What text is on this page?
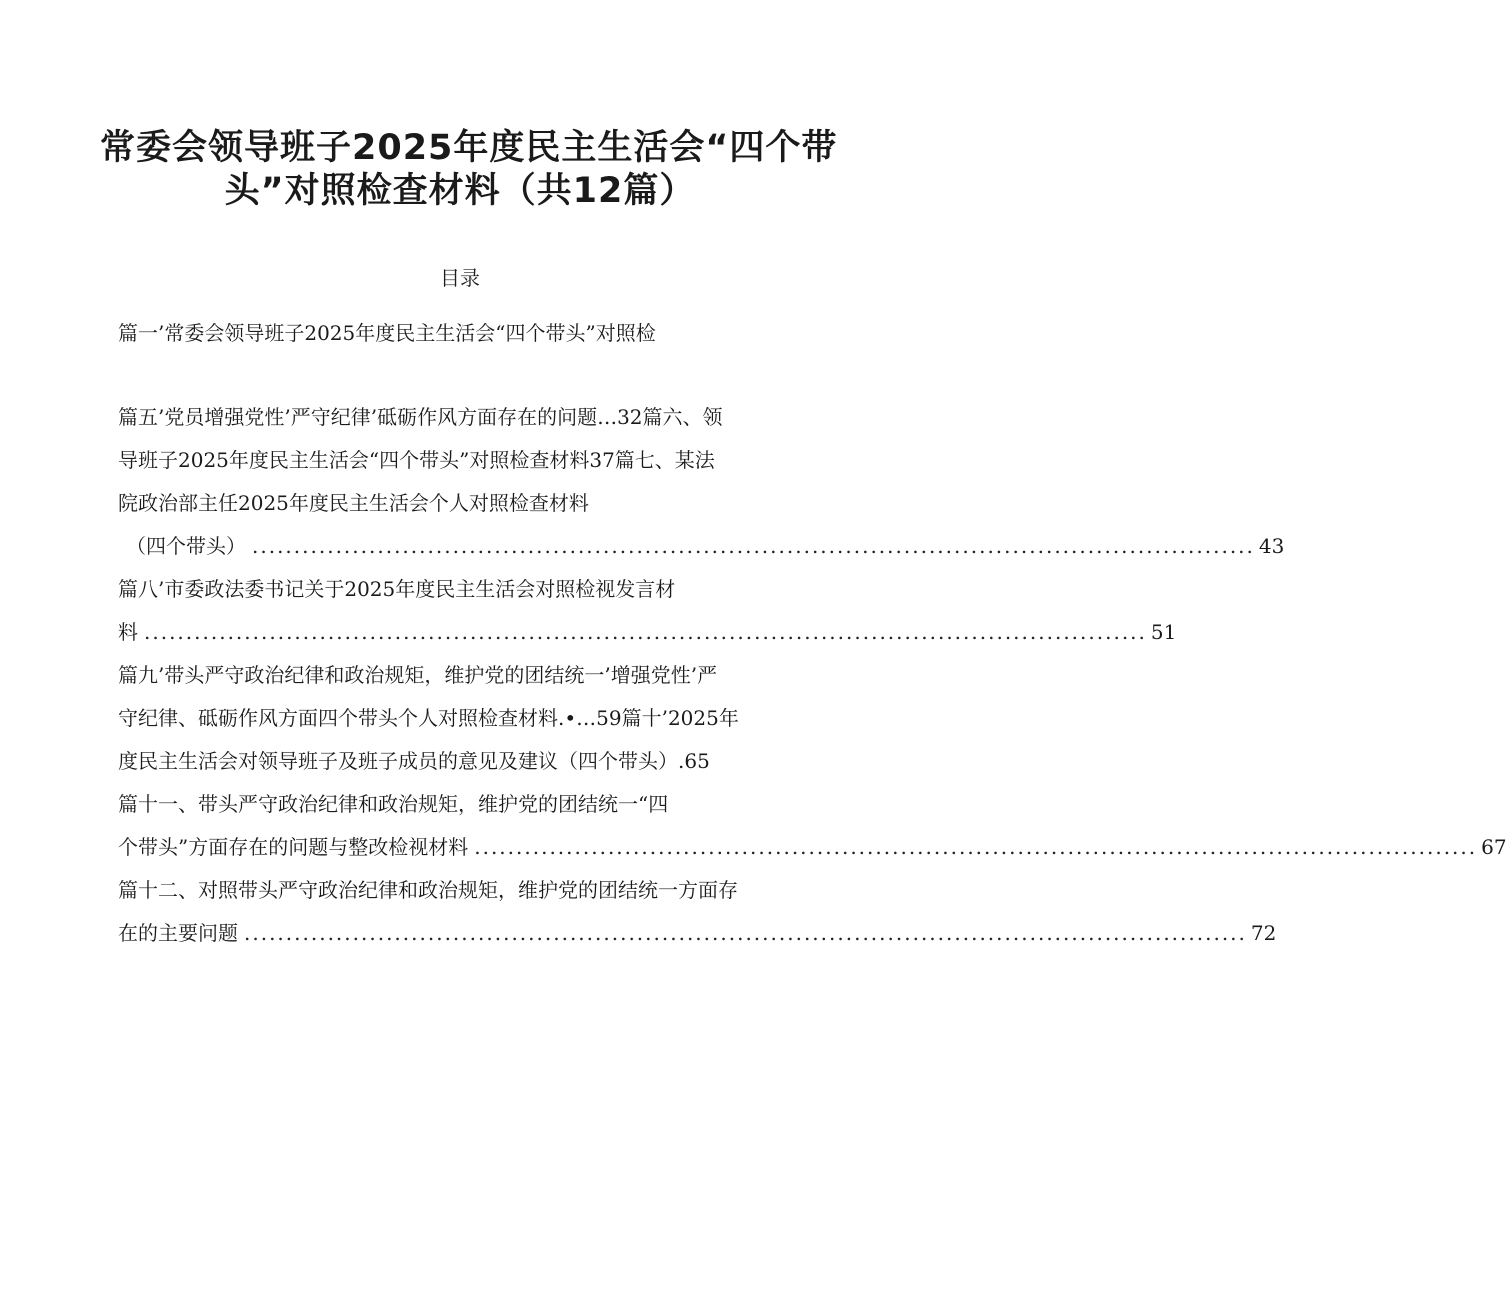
常委会领导班子2025年度民主生活会“四个带
头”对照检查材料（共12篇）
目录
篇一’常委会领导班子2025年度民主生活会“四个带头”对照检
篇五’党员增强党性’严守纪律’砥砺作风方面存在的问题…32篇六、领
导班子2025年度民主生活会“四个带头”对照检查材料37篇七、某法
院政治部主任2025年度民主生活会个人对照检查材料
（四个带头） ........................................................................................................................ 43
篇八’市委政法委书记关于2025年度民主生活会对照检视发言材
料 ........................................................................................................................ 51
篇九’带头严守政治纪律和政治规矩，维护党的团结统一’增强党性’严
守纪律、砥砺作风方面四个带头个人对照检查材料.•…59篇十’2025年
度民主生活会对领导班子及班子成员的意见及建议（四个带头）.65
篇十一、带头严守政治纪律和政治规矩，维护党的团结统一“四
个带头”方面存在的问题与整改检视材料 ........................................................................................................................ 67
篇十二、对照带头严守政治纪律和政治规矩，维护党的团结统一方面存
在的主要问题 ........................................................................................................................ 72
